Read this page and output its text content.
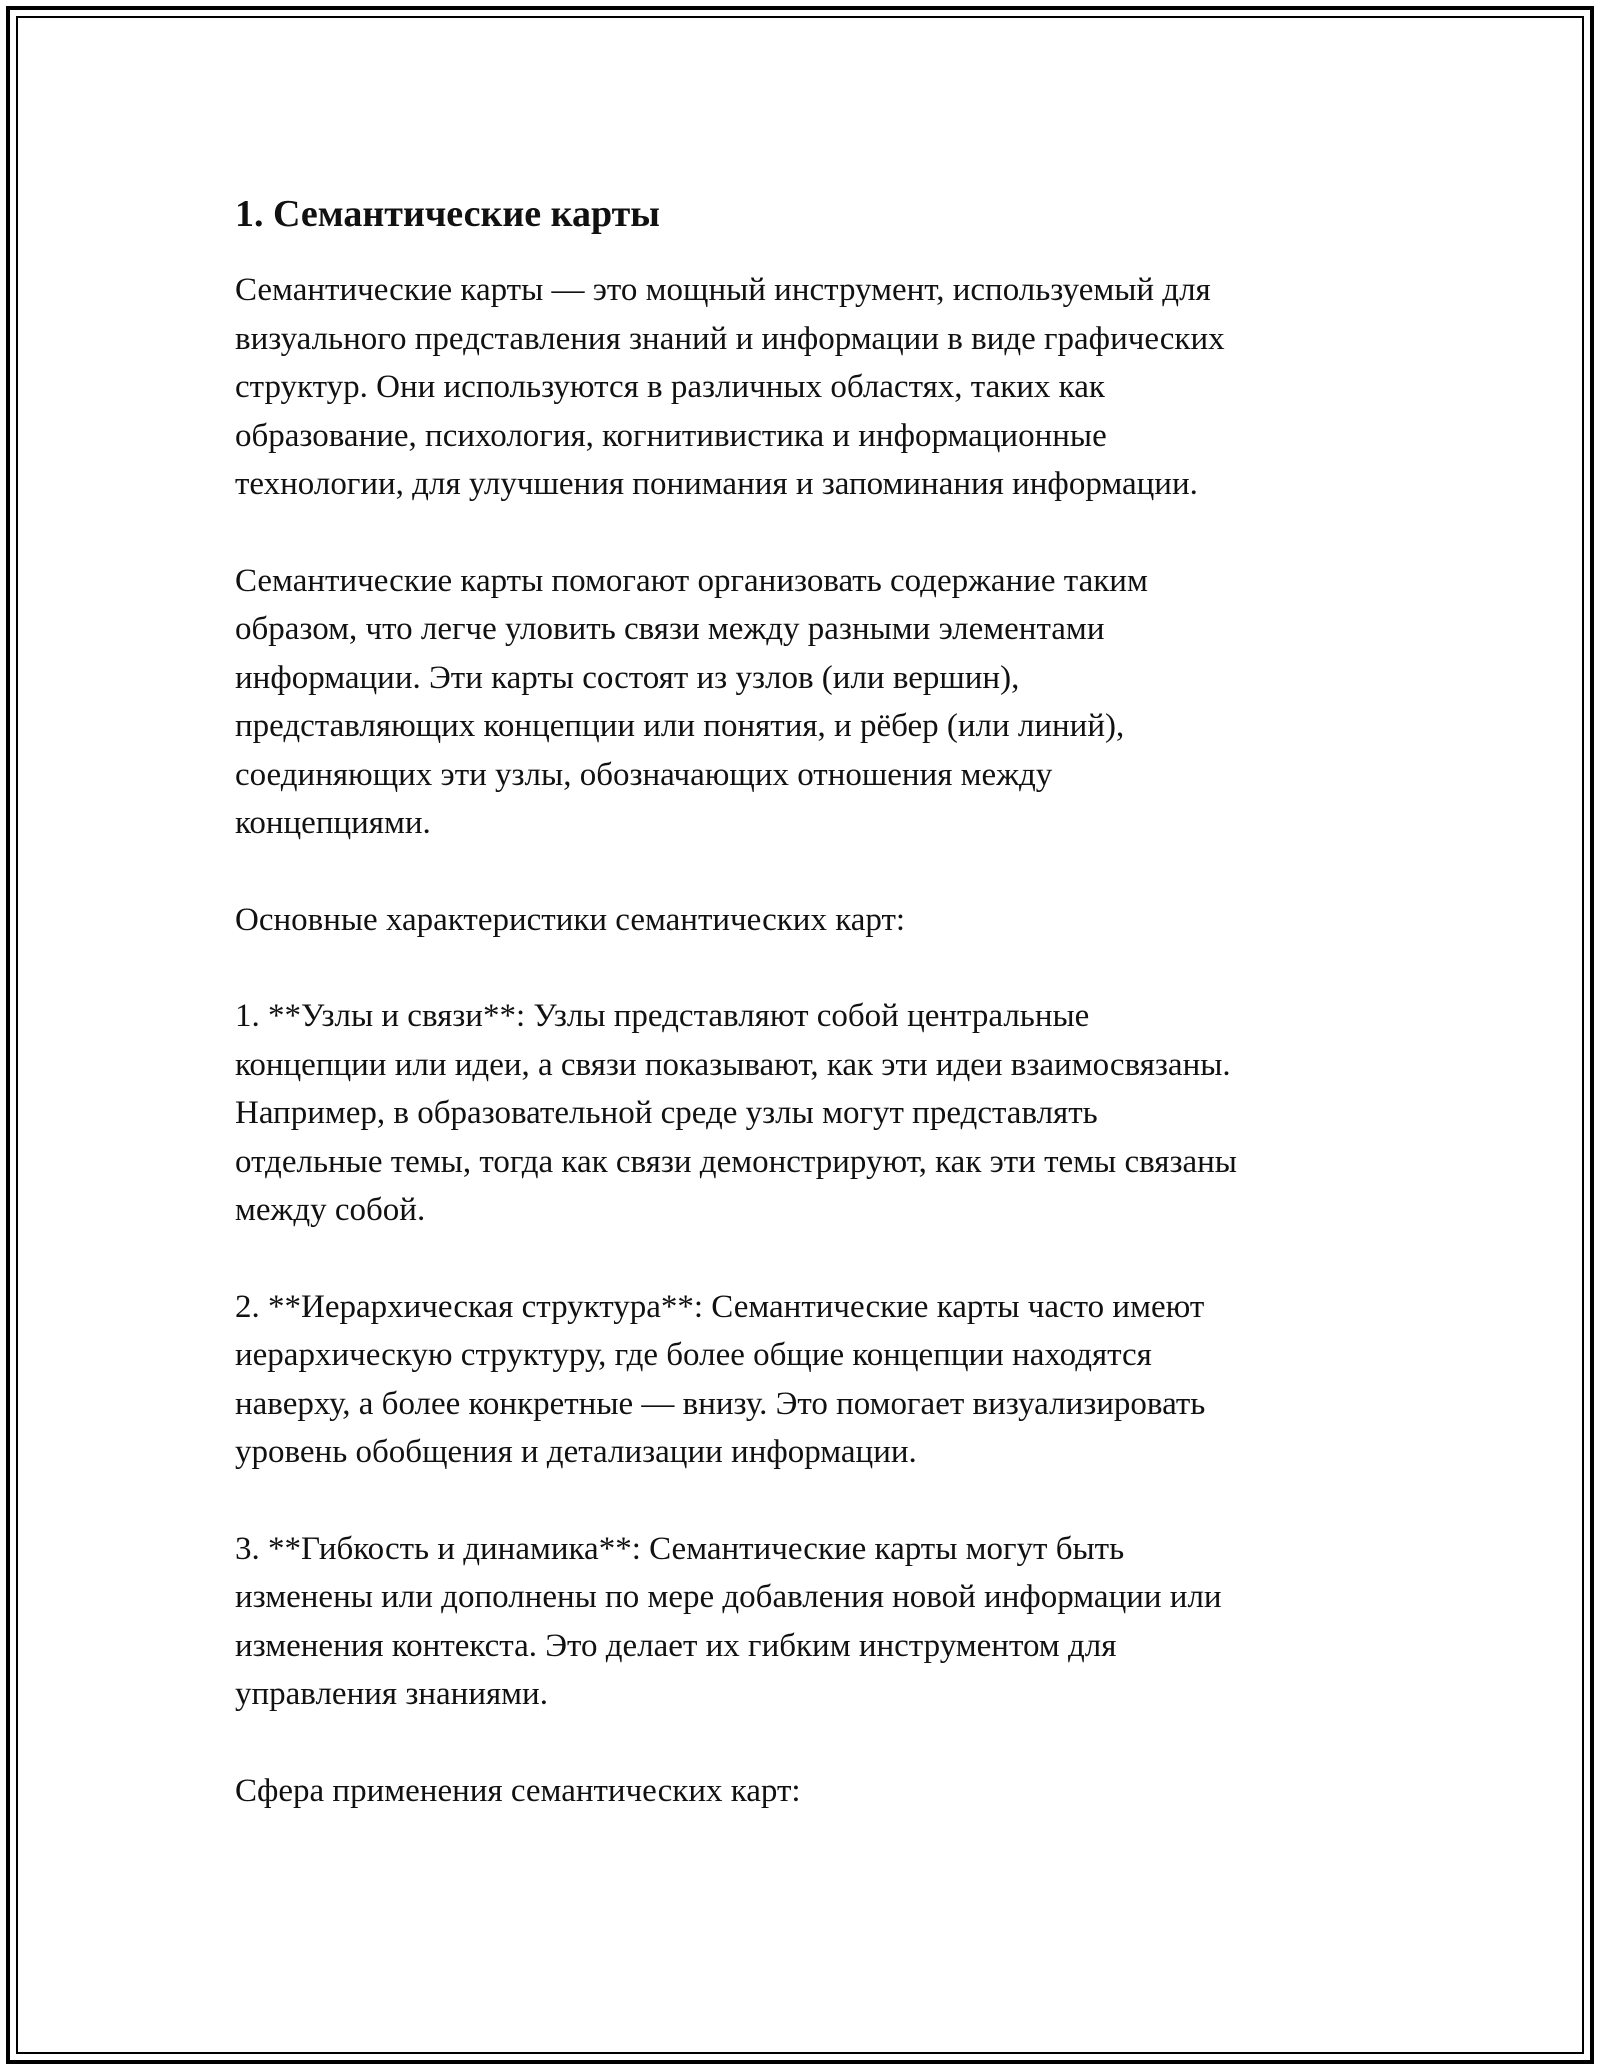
1. Семантические карты

Семантические карты — это мощный инструмент, используемый для
визуального представления знаний и информации в виде графических
структур. Они используются в различных областях, таких как
образование, психология, когнитивистика и информационные
технологии, для улучшения понимания и запоминания информации.

Семантические карты помогают организовать содержание таким
образом, что легче уловить связи между разными элементами
информации. Эти карты состоят из узлов (или вершин),
представляющих концепции или понятия, и рёбер (или линий),
соединяющих эти узлы, обозначающих отношения между
концепциями.

Основные характеристики семантических карт:

1. **Узлы и связи**: Узлы представляют собой центральные
концепции или идеи, а связи показывают, как эти идеи взаимосвязаны.
Например, в образовательной среде узлы могут представлять
отдельные темы, тогда как связи демонстрируют, как эти темы связаны
между собой.

2. **Иерархическая структура**: Семантические карты часто имеют
иерархическую структуру, где более общие концепции находятся
наверху, а более конкретные — внизу. Это помогает визуализировать
уровень обобщения и детализации информации.

3. **Гибкость и динамика**: Семантические карты могут быть
изменены или дополнены по мере добавления новой информации или
изменения контекста. Это делает их гибким инструментом для
управления знаниями.

Сфера применения семантических карт:
